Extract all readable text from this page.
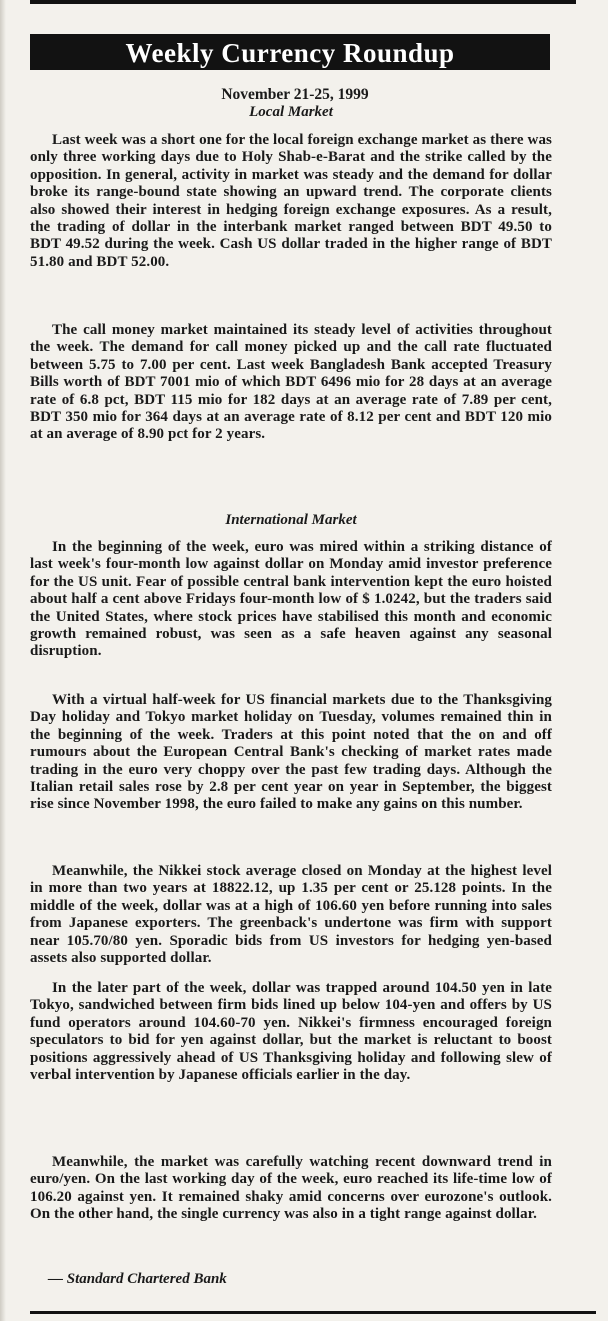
Weekly Currency Roundup
November 21-25, 1999
Local Market

Last week was a short one for the local foreign exchange market as there was only three working days due to Holy Shab-e-Barat and the strike called by the opposition. In general, activity in market was steady and the demand for dollar broke its range-bound state showing an upward trend. The corporate clients also showed their interest in hedging foreign exchange exposures. As a result, the trading of dollar in the interbank market ranged between BDT 49.50 to BDT 49.52 during the week. Cash US dollar traded in the higher range of BDT 51.80 and BDT 52.00.

The call money market maintained its steady level of activities throughout the week. The demand for call money picked up and the call rate fluctuated between 5.75 to 7.00 per cent. Last week Bangladesh Bank accepted Treasury Bills worth of BDT 7001 mio of which BDT 6496 mio for 28 days at an average rate of 6.8 pct, BDT 115 mio for 182 days at an average rate of 7.89 per cent, BDT 350 mio for 364 days at an average rate of 8.12 per cent and BDT 120 mio at an average of 8.90 pct for 2 years.

International Market

In the beginning of the week, euro was mired within a striking distance of last week's four-month low against dollar on Monday amid investor preference for the US unit. Fear of possible central bank intervention kept the euro hoisted about half a cent above Fridays four-month low of $ 1.0242, but the traders said the United States, where stock prices have stabilised this month and economic growth remained robust, was seen as a safe heaven against any seasonal disruption.

With a virtual half-week for US financial markets due to the Thanksgiving Day holiday and Tokyo market holiday on Tuesday, volumes remained thin in the beginning of the week. Traders at this point noted that the on and off rumours about the European Central Bank's checking of market rates made trading in the euro very choppy over the past few trading days. Although the Italian retail sales rose by 2.8 per cent year on year in September, the biggest rise since November 1998, the euro failed to make any gains on this number.

Meanwhile, the Nikkei stock average closed on Monday at the highest level in more than two years at 18822.12, up 1.35 per cent or 25.128 points. In the middle of the week, dollar was at a high of 106.60 yen before running into sales from Japanese exporters. The greenback's undertone was firm with support near 105.70/80 yen. Sporadic bids from US investors for hedging yen-based assets also supported dollar.

In the later part of the week, dollar was trapped around 104.50 yen in late Tokyo, sandwiched between firm bids lined up below 104-yen and offers by US fund operators around 104.60-70 yen. Nikkei's firmness encouraged foreign speculators to bid for yen against dollar, but the market is reluctant to boost positions aggressively ahead of US Thanksgiving holiday and following slew of verbal intervention by Japanese officials earlier in the day.

Meanwhile, the market was carefully watching recent downward trend in euro/yen. On the last working day of the week, euro reached its life-time low of 106.20 against yen. It remained shaky amid concerns over eurozone's outlook. On the other hand, the single currency was also in a tight range against dollar.

— Standard Chartered Bank
